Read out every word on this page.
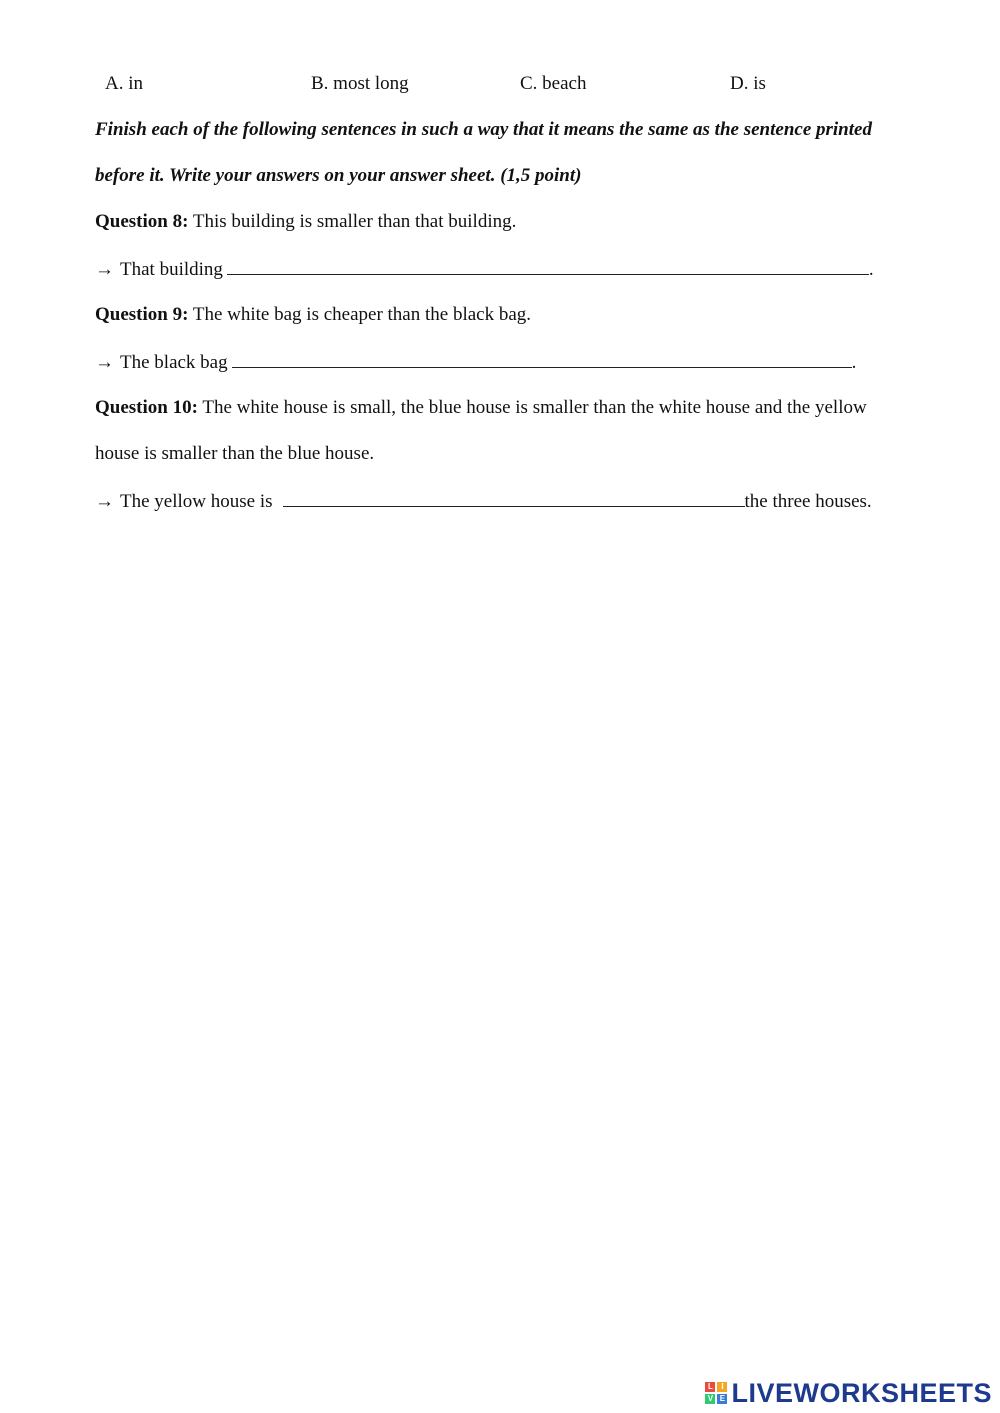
A. in	B. most long	C. beach	D. is
Finish each of the following sentences in such a way that it means the same as the sentence printed
before it. Write your answers on your answer sheet. (1,5 point)
Question 8: This building is smaller than that building.
→ That building	.
Question 9: The white bag is cheaper than the black bag.
→ The black bag	.
Question 10: The white house is small, the blue house is smaller than the white house and the yellow
house is smaller than the blue house.
→ The yellow house is	the three houses.
L	I
V E LIVEWORKSHEETS
